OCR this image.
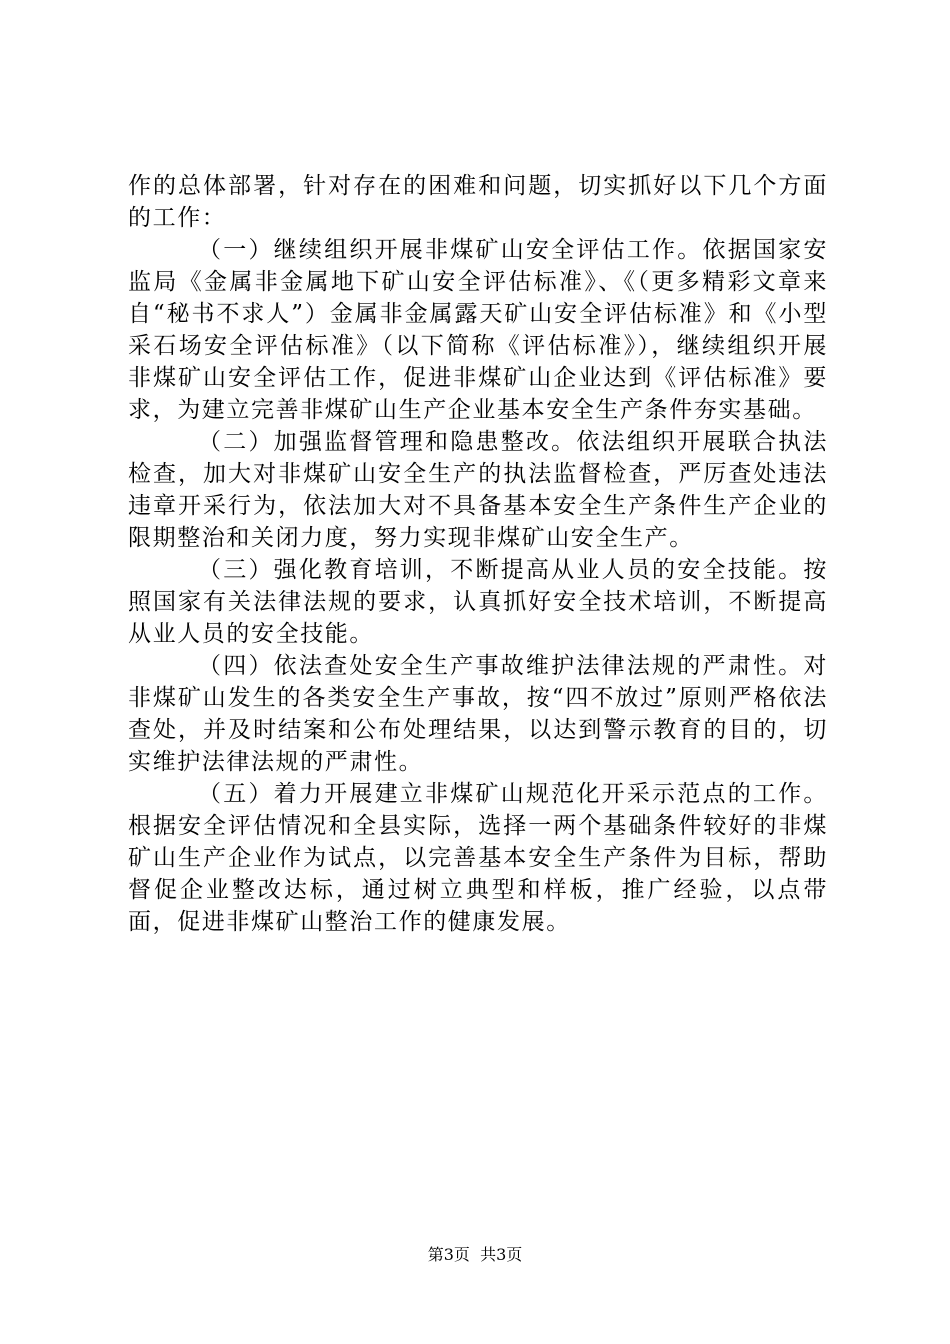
作的总体部署，针对存在的困难和问题，切实抓好以下几个方面的工作：

（一）继续组织开展非煤矿山安全评估工作。依据国家安监局《金属非金属地下矿山安全评估标准》、《（更多精彩文章来自“秘书不求人”）金属非金属露天矿山安全评估标准》和《小型采石场安全评估标准》（以下简称《评估标准》），继续组织开展非煤矿山安全评估工作，促进非煤矿山企业达到《评估标准》要求，为建立完善非煤矿山生产企业基本安全生产条件夯实基础。

（二）加强监督管理和隐患整改。依法组织开展联合执法检查，加大对非煤矿山安全生产的执法监督检查，严厉查处违法违章开采行为，依法加大对不具备基本安全生产条件生产企业的限期整治和关闭力度，努力实现非煤矿山安全生产。

（三）强化教育培训，不断提高从业人员的安全技能。按照国家有关法律法规的要求，认真抓好安全技术培训，不断提高从业人员的安全技能。

（四）依法查处安全生产事故维护法律法规的严肃性。对非煤矿山发生的各类安全生产事故，按“四不放过”原则严格依法查处，并及时结案和公布处理结果，以达到警示教育的目的，切实维护法律法规的严肃性。

（五）着力开展建立非煤矿山规范化开采示范点的工作。根据安全评估情况和全县实际，选择一两个基础条件较好的非煤矿山生产企业作为试点，以完善基本安全生产条件为目标，帮助督促企业整改达标，通过树立典型和样板，推广经验，以点带面，促进非煤矿山整治工作的健康发展。

第3页 共3页
